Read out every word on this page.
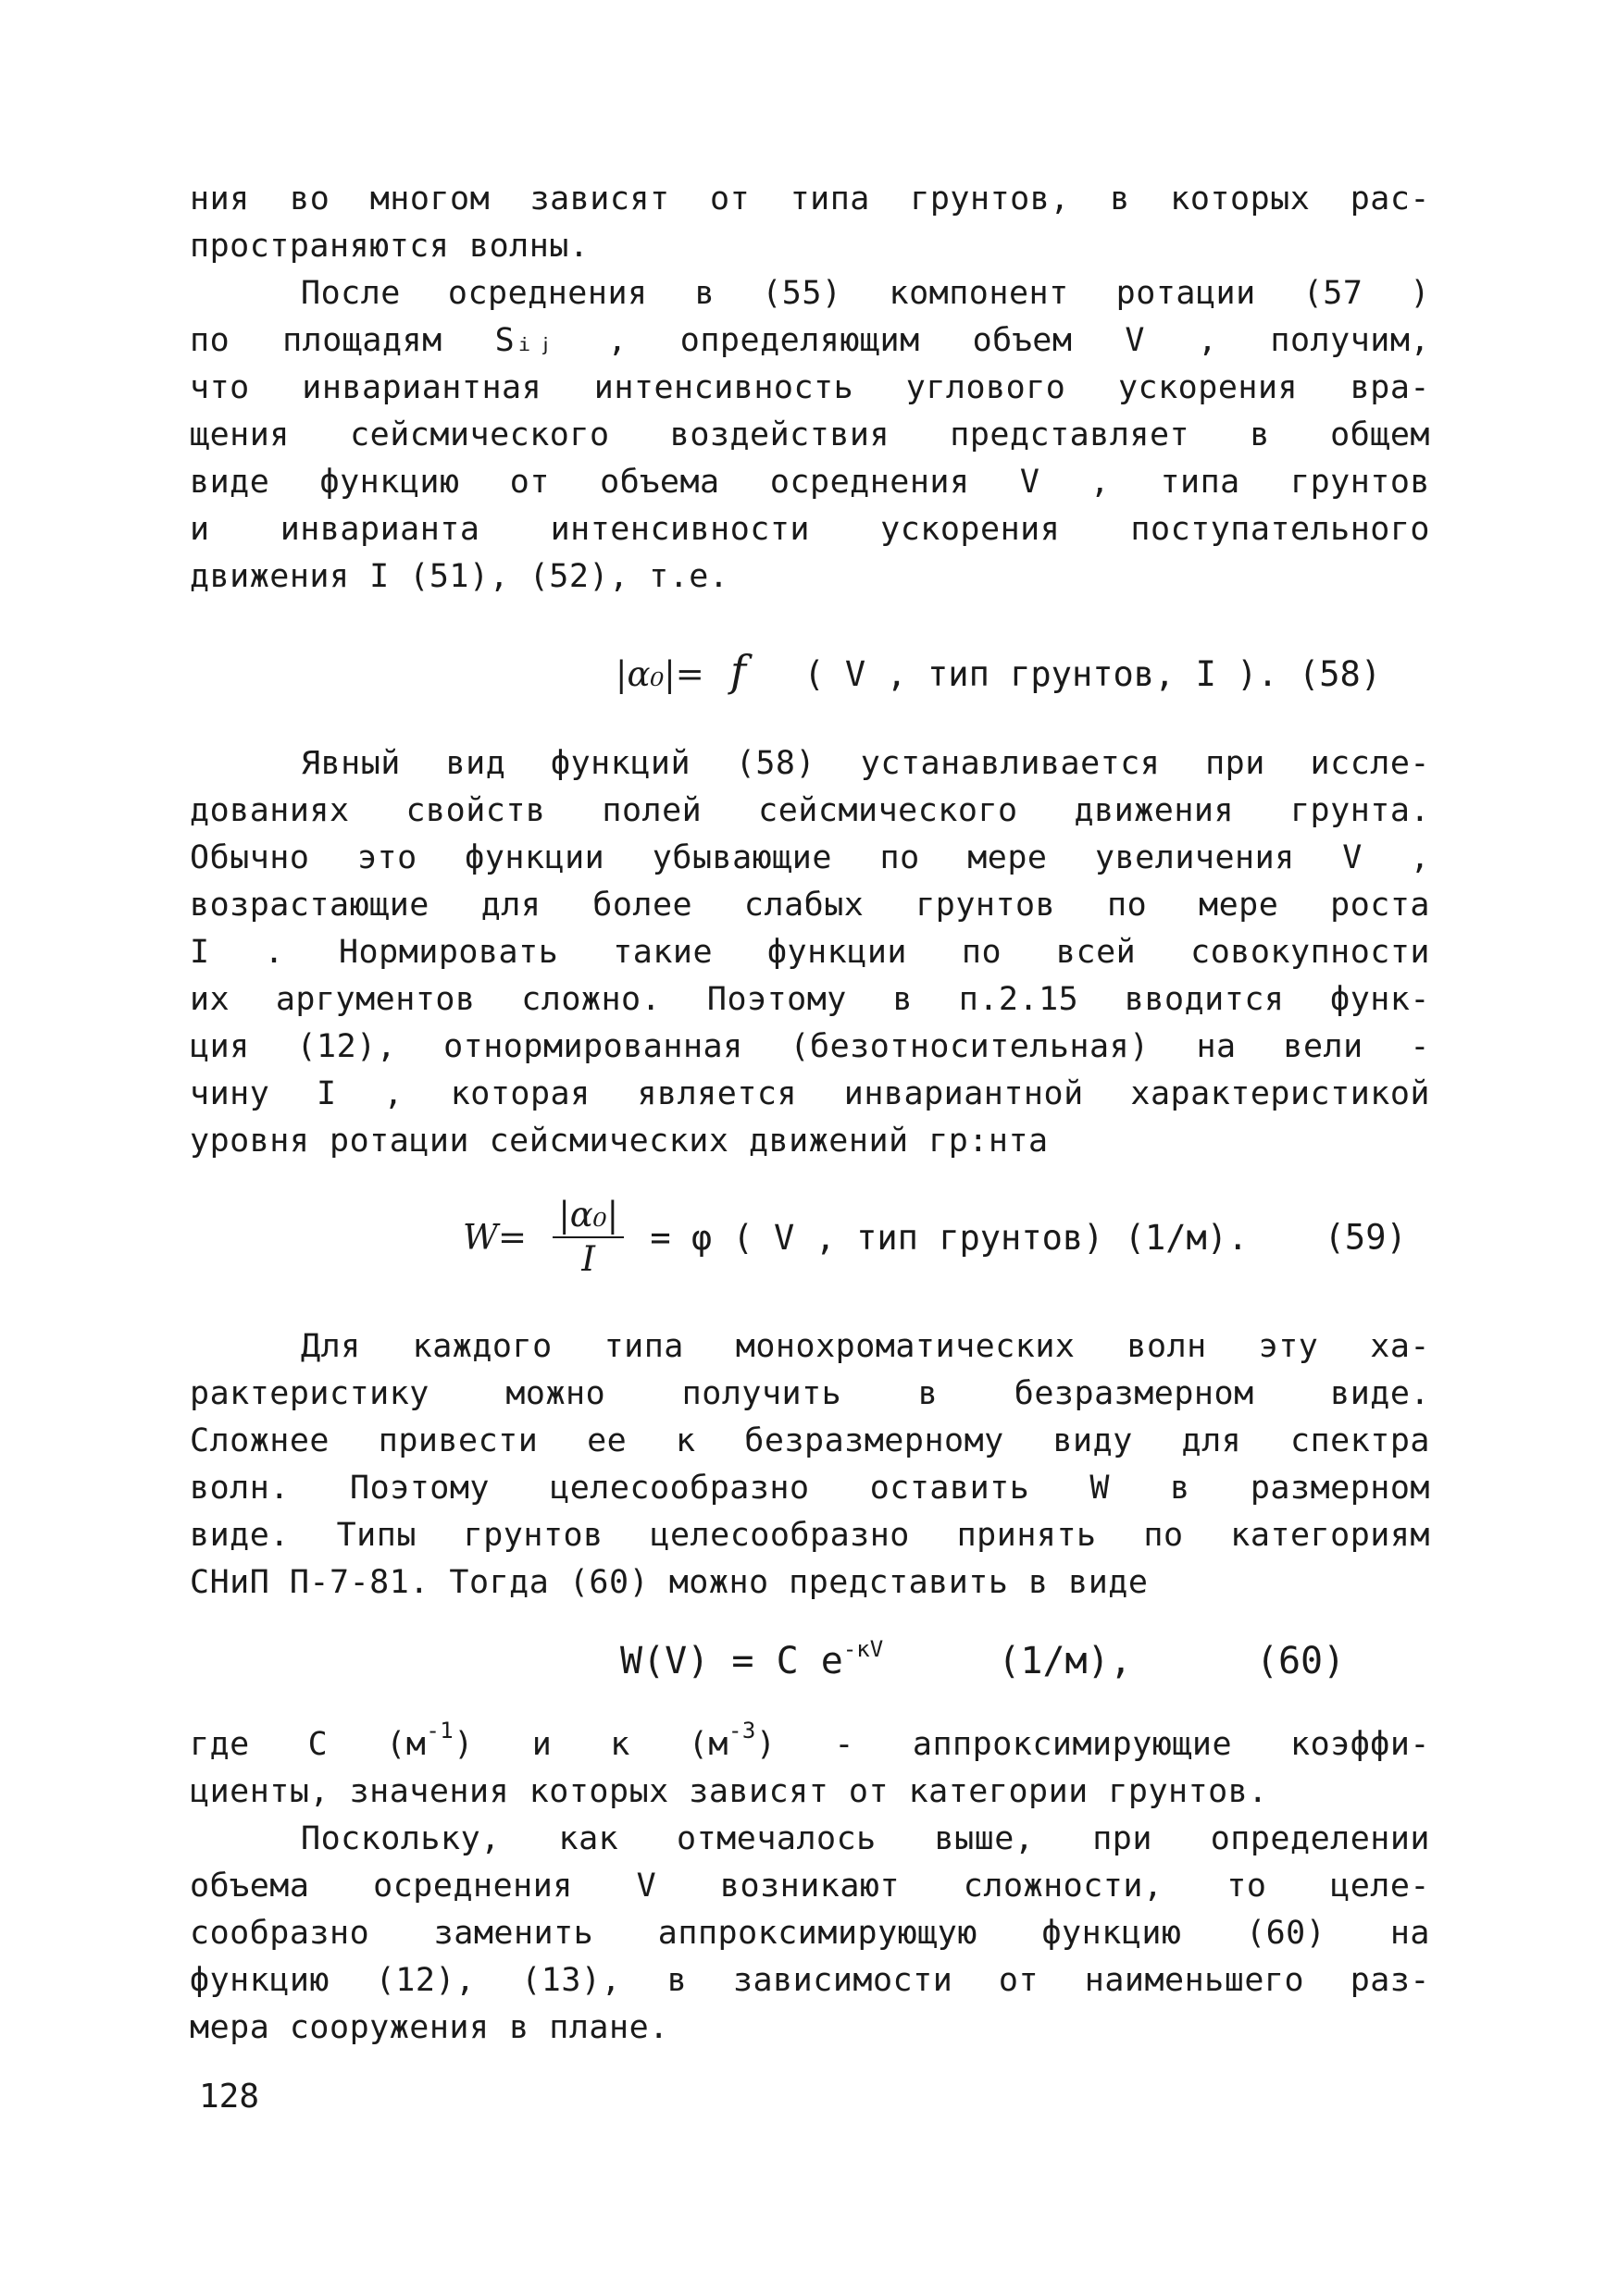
ния во многом зависят от типа грунтов, в которых рас-
пространяются волны.
После осреднения в (55) компонент ротации (57 )
по площадям Sᵢⱼ , определяющим объем V , получим,
что инвариантная интенсивность углового ускорения вра-
щения сейсмического воздействия представляет в общем
виде функцию от объема осреднения V , типа грунтов
и инварианта интенсивности ускорения поступательного
движения I (51), (52), т.е.
|α₀|= f ( V , тип грунтов, I ). (58)
Явный вид функций (58) устанавливается при иссле-
дованиях свойств полей сейсмического движения грунта.
Обычно это функции убывающие по мере увеличения V ,
возрастающие для более слабых грунтов по мере роста
I . Нормировать такие функции по всей совокупности
их аргументов сложно. Поэтому в п.2.15 вводится функ-
ция (12), отнормированная (безотносительная) на вели -
чину I , которая является инвариантной характеристикой
уровня ротации сейсмических движений гр:нта
$W= \frac{\text{|α₀|}}{I} = \varphi$ ( V , тип грунтов) (1/м). (59)
Для каждого типа монохроматических волн эту ха-
рактеристику можно получить в безразмерном виде.
Сложнее привести ее к безразмерному виду для спектра
волн. Поэтому целесообразно оставить W в размерном
виде. Типы грунтов целесообразно принять по категориям
СНиП П-7-81. Тогда (60) можно представить в виде
W(V) = C $e^{-кV}$	(1/м),	(60)
где C $(м^{-1})$ и к $(м^{-3})$ - аппроксимирующие коэффи-
циенты, значения которых зависят от категории грунтов.
Поскольку, как отмечалось выше, при определении
объема осреднения V возникают сложности, то целе-
сообразно заменить аппроксимирующую функцию (60) на
функцию (12), (13), в зависимости от наименьшего раз-
мера сооружения в плане.
128
